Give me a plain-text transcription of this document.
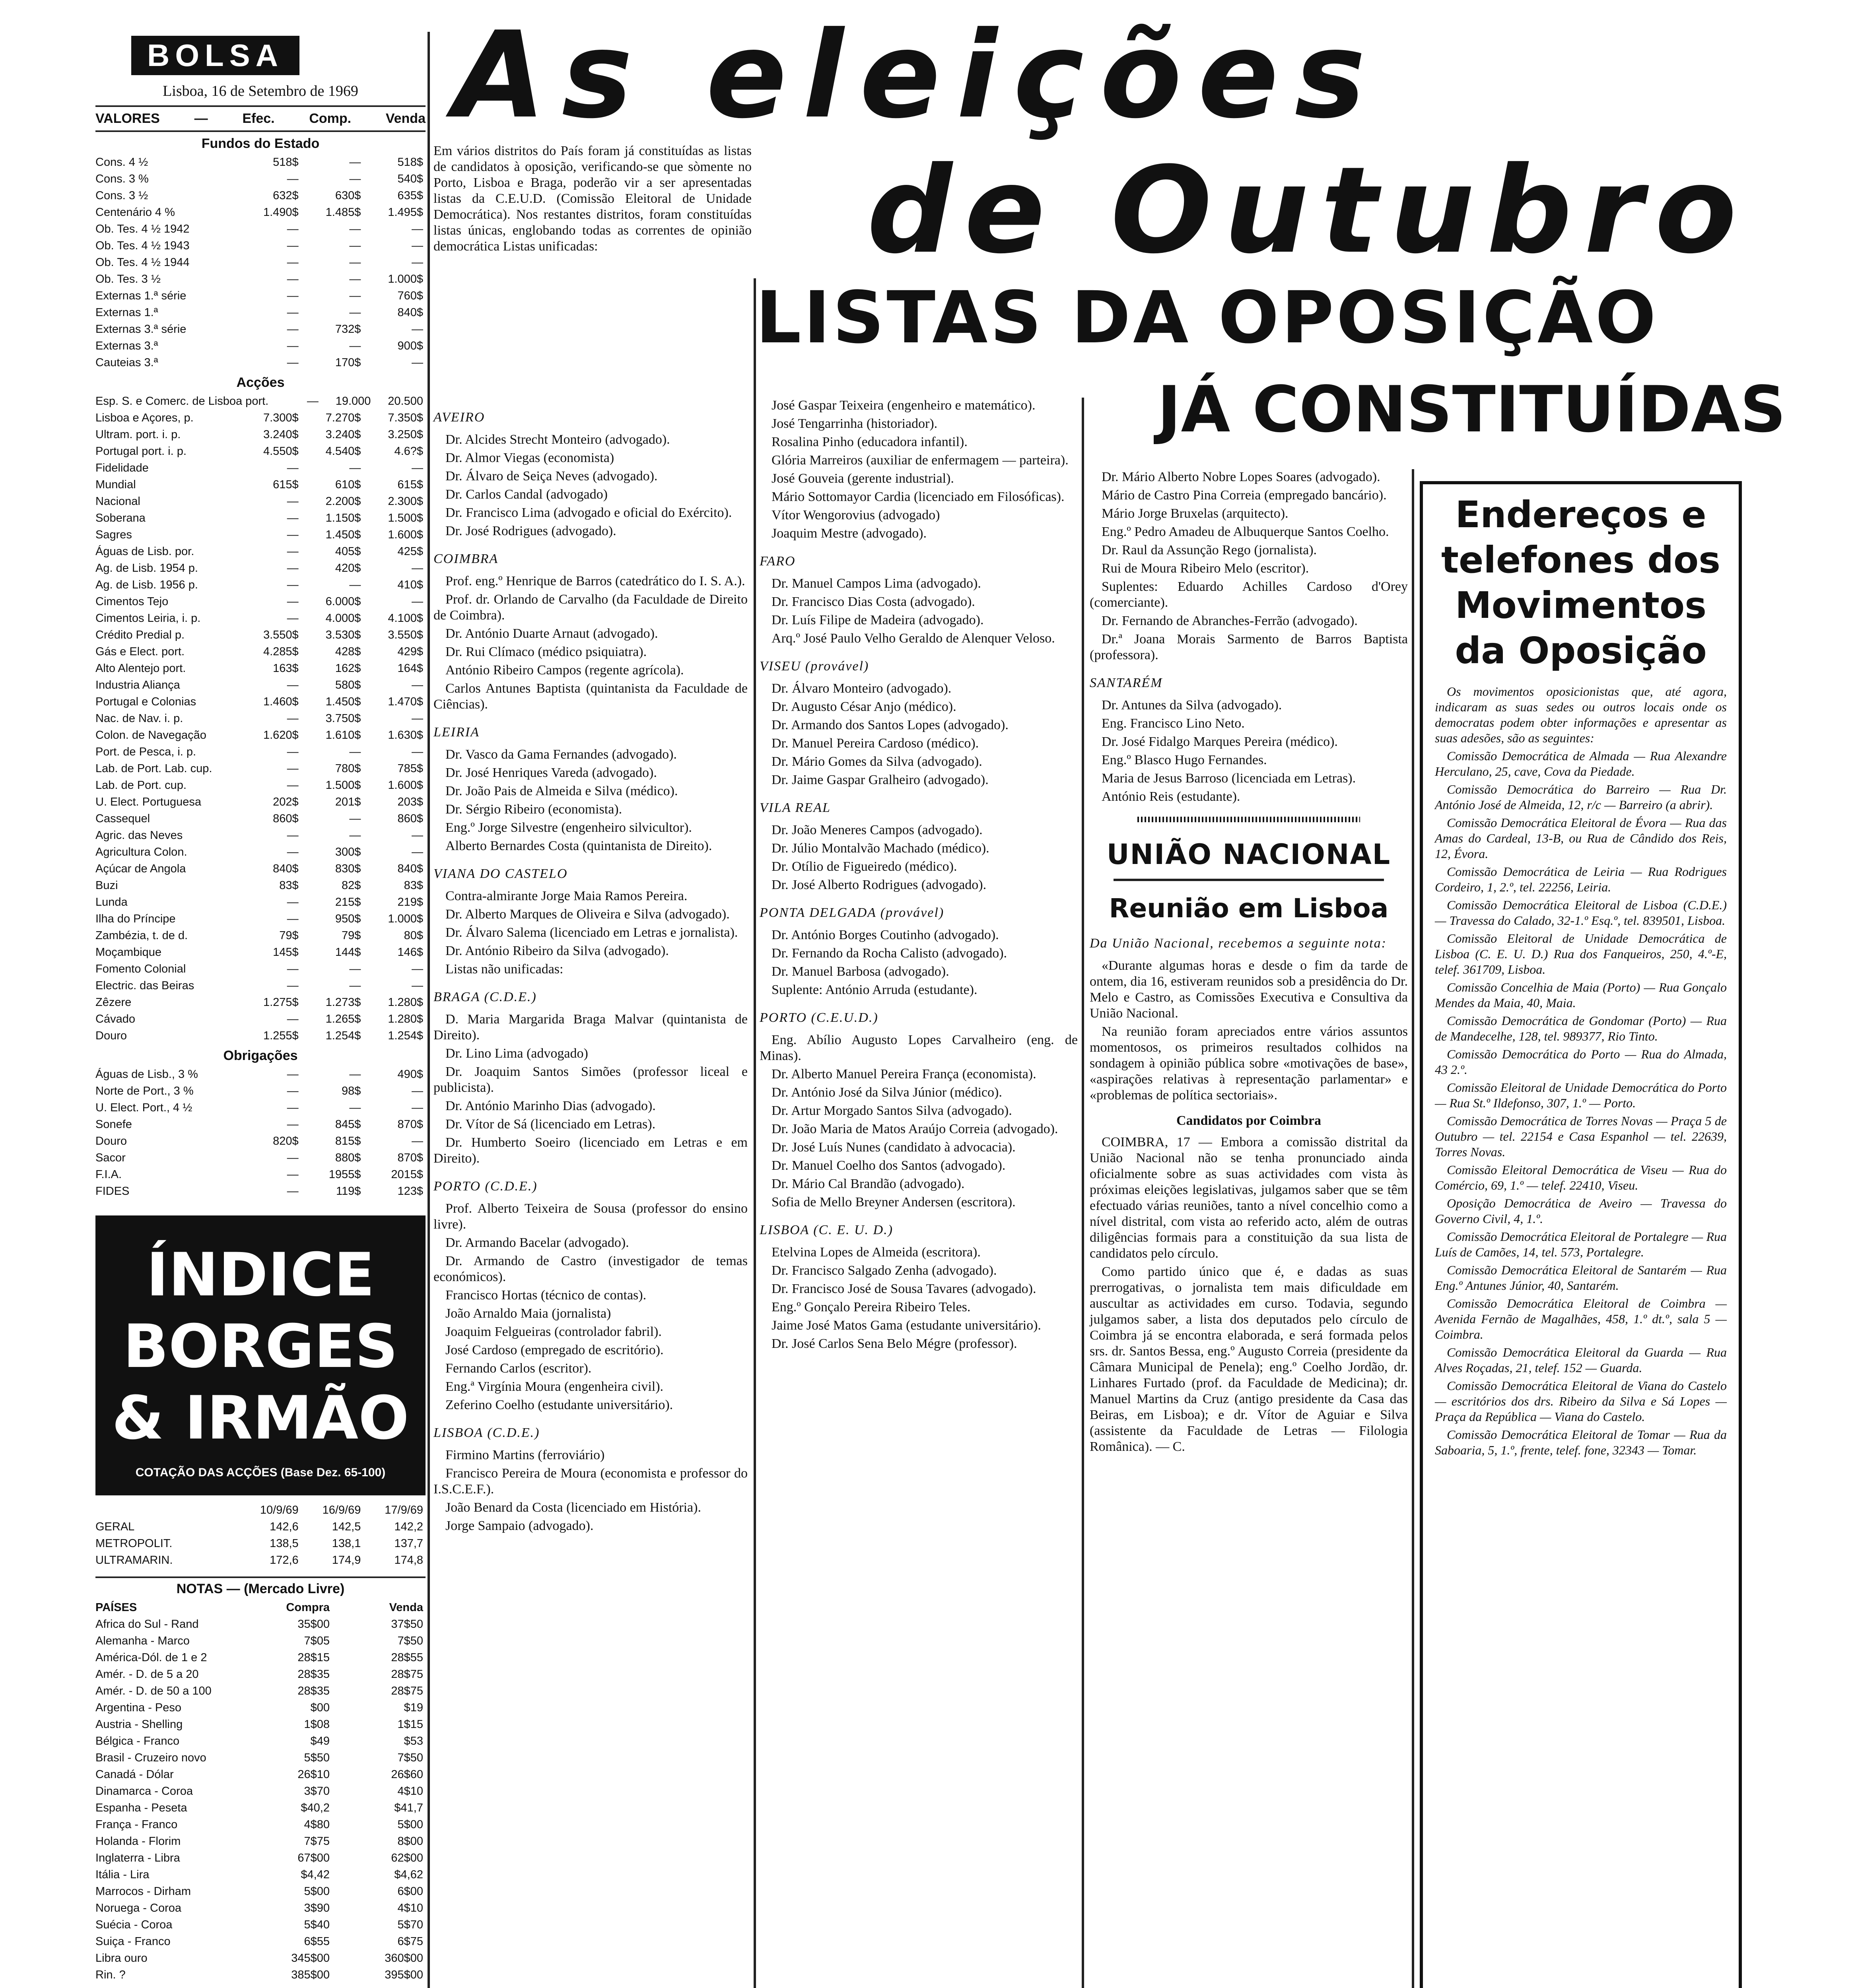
BOLSA
Lisboa, 16 de Setembro de 1969
VALORES	—	Efec.	Comp.	Venda
Fundos do Estado
Cons. 4 ½	518$	—	518$
Cons. 3 %	—	—	540$
Cons. 3 ½	632$	630$	635$
Centenário 4 %	1.490$	1.485$	1.495$
Ob. Tes. 4 ½ 1942	—	—	—
Ob. Tes. 4 ½ 1943	—	—	—
Ob. Tes. 4 ½ 1944	—	—	—
Ob. Tes. 3 ½	—	—	1.000$
Externas 1.ª série	—	—	760$
Externas 1.ª	—	—	840$
Externas 3.ª série	—	732$	—
Externas 3.ª	—	—	900$
Cauteias 3.ª	—	170$	—
Acções
Esp. S. e Comerc. de Lisboa port.	—	19.000	20.500
Lisboa e Açores, p.	7.300$	7.270$	7.350$
Ultram. port. i. p.	3.240$	3.240$	3.250$
Portugal port. i. p.	4.550$	4.540$	4.6?$
Fidelidade	—	—	—
Mundial	615$	610$	615$
Nacional	—	2.200$	2.300$
Soberana	—	1.150$	1.500$
Sagres	—	1.450$	1.600$
Águas de Lisb. por.	—	405$	425$
Ag. de Lisb. 1954 p.	—	420$	—
Ag. de Lisb. 1956 p.	—	—	410$
Cimentos Tejo	—	6.000$	—
Cimentos Leiria, i. p.	—	4.000$	4.100$
Crédito Predial p.	3.550$	3.530$	3.550$
Gás e Elect. port.	4.285$	428$	429$
Alto Alentejo port.	163$	162$	164$
Industria Aliança	—	580$	—
Portugal e Colonias	1.460$	1.450$	1.470$
Nac. de Nav. i. p.	—	3.750$	—
Colon. de Navegação	1.620$	1.610$	1.630$
Port. de Pesca, i. p.	—	—	—
Lab. de Port. Lab. cup.	—	780$	785$
Lab. de Port. cup.	—	1.500$	1.600$
U. Elect. Portuguesa	202$	201$	203$
Cassequel	860$	—	860$
Agric. das Neves	—	—	—
Agricultura Colon.	—	300$	—
Açúcar de Angola	840$	830$	840$
Buzi	83$	82$	83$
Lunda	—	215$	219$
Ilha do Príncipe	—	950$	1.000$
Zambézia, t. de d.	79$	79$	80$
Moçambique	145$	144$	146$
Fomento Colonial	—	—	—
Electric. das Beiras	—	—	—
Zêzere	1.275$	1.273$	1.280$
Cávado	—	1.265$	1.280$
Douro	1.255$	1.254$	1.254$
Obrigações
Águas de Lisb., 3 %	—	—	490$
Norte de Port., 3 %	—	98$	—
U. Elect. Port., 4 ½	—	—	—
Sonefe	—	845$	870$
Douro	820$	815$	—
Sacor	—	880$	870$
F.I.A.	—	1955$	2015$
FIDES	—	119$	123$
ÍNDICE
BORGES
& IRMÃO
COTAÇÃO DAS ACÇÕES (Base Dez. 65-100)
10/9/69	16/9/69	17/9/69
GERAL	142,6	142,5	142,2
METROPOLIT.	138,5	138,1	137,7
ULTRAMARIN.	172,6	174,9	174,8
NOTAS — (Mercado Livre)
PAÍSES	Compra	Venda
Africa do Sul - Rand	35$00	37$50
Alemanha - Marco	7$05	7$50
América-Dól. de 1 e 2	28$15	28$55
Amér. - D. de 5 a 20	28$35	28$75
Amér. - D. de 50 a 100	28$35	28$75
Argentina - Peso	$00	$19
Austria - Shelling	1$08	1$15
Bélgica - Franco	$49	$53
Brasil - Cruzeiro novo	5$50	7$50
Canadá - Dólar	26$10	26$60
Dinamarca - Coroa	3$70	4$10
Espanha - Peseta	$40,2	$41,7
França - Franco	4$80	5$00
Holanda - Florim	7$75	8$00
Inglaterra - Libra	67$00	62$00
Itália - Lira	$4,42	$4,62
Marrocos - Dirham	5$00	6$00
Noruega - Coroa	3$90	4$10
Suécia - Coroa	5$40	5$70
Suiça - Franco	6$55	6$75
Libra ouro	345$00	360$00
Rin. ?	385$00	395$00
As eleições
de Outubro
Em vários distritos do País foram já constituídas as listas de candidatos à oposição, verificando-se que sòmente no Porto, Lisboa e Braga, poderão vir a ser apresentadas listas da C.E.U.D. (Comissão Eleitoral de Unidade Democrática). Nos restantes distritos, foram constituídas listas únicas, englobando todas as correntes de opinião democrática Listas unificadas:
LISTAS DA OPOSIÇÃO
JÁ CONSTITUÍDAS

AVEIRO

Dr. Alcides Strecht Monteiro (advogado).

Dr. Almor Viegas (economista)

Dr. Álvaro de Seiça Neves (advogado).

Dr. Carlos Candal (advogado)

Dr. Francisco Lima (advogado e oficial do Exército).

Dr. José Rodrigues (advogado).

COIMBRA

Prof. eng.º Henrique de Barros (catedrático do I. S. A.).

Prof. dr. Orlando de Carvalho (da Faculdade de Direito de Coimbra).

Dr. António Duarte Arnaut (advogado).

Dr. Rui Clímaco (médico psiquiatra).

António Ribeiro Campos (regente agrícola).

Carlos Antunes Baptista (quintanista da Faculdade de Ciências).

LEIRIA

Dr. Vasco da Gama Fernandes (advogado).

Dr. José Henriques Vareda (advogado).

Dr. João Pais de Almeida e Silva (médico).

Dr. Sérgio Ribeiro (economista).

Eng.º Jorge Silvestre (engenheiro silvicultor).

Alberto Bernardes Costa (quintanista de Direito).

VIANA DO CASTELO

Contra-almirante Jorge Maia Ramos Pereira.

Dr. Alberto Marques de Oliveira e Silva (advogado).

Dr. Álvaro Salema (licenciado em Letras e jornalista).

Dr. António Ribeiro da Silva (advogado).

Listas não unificadas:

BRAGA (C.D.E.)

D. Maria Margarida Braga Malvar (quintanista de Direito).

Dr. Lino Lima (advogado)

Dr. Joaquim Santos Simões (professor liceal e publicista).

Dr. António Marinho Dias (advogado).

Dr. Vítor de Sá (licenciado em Letras).

Dr. Humberto Soeiro (licenciado em Letras e em Direito).

PORTO (C.D.E.)

Prof. Alberto Teixeira de Sousa (professor do ensino livre).

Dr. Armando Bacelar (advogado).

Dr. Armando de Castro (investigador de temas económicos).

Francisco Hortas (técnico de contas).

João Arnaldo Maia (jornalista)

Joaquim Felgueiras (controlador fabril).

José Cardoso (empregado de escritório).

Fernando Carlos (escritor).

Eng.ª Virgínia Moura (engenheira civil).

Zeferino Coelho (estudante universitário).

LISBOA (C.D.E.)

Firmino Martins (ferroviário)

Francisco Pereira de Moura (economista e professor do I.S.C.E.F.).

João Benard da Costa (licenciado em História).

Jorge Sampaio (advogado).

José Gaspar Teixeira (engenheiro e matemático).

José Tengarrinha (historiador).

Rosalina Pinho (educadora infantil).

Glória Marreiros (auxiliar de enfermagem — parteira).

José Gouveia (gerente industrial).

Mário Sottomayor Cardia (licenciado em Filosóficas).

Vítor Wengorovius (advogado)

Joaquim Mestre (advogado).

FARO

Dr. Manuel Campos Lima (advogado).

Dr. Francisco Dias Costa (advogado).

Dr. Luís Filipe de Madeira (advogado).

Arq.º José Paulo Velho Geraldo de Alenquer Veloso.

VISEU (provável)

Dr. Álvaro Monteiro (advogado).

Dr. Augusto César Anjo (médico).

Dr. Armando dos Santos Lopes (advogado).

Dr. Manuel Pereira Cardoso (médico).

Dr. Mário Gomes da Silva (advogado).

Dr. Jaime Gaspar Gralheiro (advogado).

VILA REAL

Dr. João Meneres Campos (advogado).

Dr. Júlio Montalvão Machado (médico).

Dr. Otílio de Figueiredo (médico).

Dr. José Alberto Rodrigues (advogado).

PONTA DELGADA (provável)

Dr. António Borges Coutinho (advogado).

Dr. Fernando da Rocha Calisto (advogado).

Dr. Manuel Barbosa (advogado).

Suplente: António Arruda (estudante).

PORTO (C.E.U.D.)

Eng. Abílio Augusto Lopes Carvalheiro (eng. de Minas).

Dr. Alberto Manuel Pereira França (economista).

Dr. António José da Silva Júnior (médico).

Dr. Artur Morgado Santos Silva (advogado).

Dr. João Maria de Matos Araújo Correia (advogado).

Dr. José Luís Nunes (candidato à advocacia).

Dr. Manuel Coelho dos Santos (advogado).

Dr. Mário Cal Brandão (advogado).

Sofia de Mello Breyner Andersen (escritora).

LISBOA (C. E. U. D.)

Etelvina Lopes de Almeida (escritora).

Dr. Francisco Salgado Zenha (advogado).

Dr. Francisco José de Sousa Tavares (advogado).

Eng.º Gonçalo Pereira Ribeiro Teles.

Jaime José Matos Gama (estudante universitário).

Dr. José Carlos Sena Belo Mégre (professor).

Dr. Mário Alberto Nobre Lopes Soares (advogado).

Mário de Castro Pina Correia (empregado bancário).

Mário Jorge Bruxelas (arquitecto).

Eng.º Pedro Amadeu de Albuquerque Santos Coelho.

Dr. Raul da Assunção Rego (jornalista).

Rui de Moura Ribeiro Melo (escritor).

Suplentes: Eduardo Achilles Cardoso d'Orey (comerciante).

Dr. Fernando de Abranches-Ferrão (advogado).

Dr.ª Joana Morais Sarmento de Barros Baptista (professora).

SANTARÉM

Dr. Antunes da Silva (advogado).

Eng. Francisco Lino Neto.

Dr. José Fidalgo Marques Pereira (médico).

Eng.º Blasco Hugo Fernandes.

Maria de Jesus Barroso (licenciada em Letras).

António Reis (estudante).

UNIÃO NACIONAL
Reunião em Lisboa

Da União Nacional, recebemos a seguinte nota:

«Durante algumas horas e desde o fim da tarde de ontem, dia 16, estiveram reunidos sob a presidência do Dr. Melo e Castro, as Comissões Executiva e Consultiva da União Nacional.

Na reunião foram apreciados entre vários assuntos momentosos, os primeiros resultados colhidos na sondagem à opinião pública sobre «motivações de base», «aspirações relativas à representação parlamentar» e «problemas de política sectoriais».

Candidatos por Coimbra

COIMBRA, 17 — Embora a comissão distrital da União Nacional não se tenha pronunciado ainda oficialmente sobre as suas actividades com vista às próximas eleições legislativas, julgamos saber que se têm efectuado várias reuniões, tanto a nível concelhio como a nível distrital, com vista ao referido acto, além de outras diligências formais para a constituição da sua lista de candidatos pelo círculo.

Como partido único que é, e dadas as suas prerrogativas, o jornalista tem mais dificuldade em auscultar as actividades em curso. Todavia, segundo julgamos saber, a lista dos deputados pelo círculo de Coimbra já se encontra elaborada, e será formada pelos srs. dr. Santos Bessa, eng.º Augusto Correia (presidente da Câmara Municipal de Penela); eng.º Coelho Jordão, dr. Linhares Furtado (prof. da Faculdade de Medicina); dr. Manuel Martins da Cruz (antigo presidente da Casa das Beiras, em Lisboa); e dr. Vítor de Aguiar e Silva (assistente da Faculdade de Letras — Filologia Românica). — C.

Endereços e telefones dos Movimentos da Oposição

Os movimentos oposicionistas que, até agora, indicaram as suas sedes ou outros locais onde os democratas podem obter informações e apresentar as suas adesões, são as seguintes:

Comissão Democrática de Almada — Rua Alexandre Herculano, 25, cave, Cova da Piedade.

Comissão Democrática do Barreiro — Rua Dr. António José de Almeida, 12, r/c — Barreiro (a abrir).

Comissão Democrática Eleitoral de Évora — Rua das Amas do Cardeal, 13-B, ou Rua de Cândido dos Reis, 12, Évora.

Comissão Democrática de Leiria — Rua Rodrigues Cordeiro, 1, 2.º, tel. 22256, Leiria.

Comissão Democrática Eleitoral de Lisboa (C.D.E.) — Travessa do Calado, 32-1.º Esq.º, tel. 839501, Lisboa.

Comissão Eleitoral de Unidade Democrática de Lisboa (C. E. U. D.) Rua dos Fanqueiros, 250, 4.º-E, telef. 361709, Lisboa.

Comissão Concelhia de Maia (Porto) — Rua Gonçalo Mendes da Maia, 40, Maia.

Comissão Democrática de Gondomar (Porto) — Rua de Mandecelhe, 128, tel. 989377, Rio Tinto.

Comissão Democrática do Porto — Rua do Almada, 43 2.º.

Comissão Eleitoral de Unidade Democrática do Porto — Rua St.º Ildefonso, 307, 1.º — Porto.

Comissão Democrática de Torres Novas — Praça 5 de Outubro — tel. 22154 e Casa Espanhol — tel. 22639, Torres Novas.

Comissão Eleitoral Democrática de Viseu — Rua do Comércio, 69, 1.º — telef. 22410, Viseu.

Oposição Democrática de Aveiro — Travessa do Governo Civil, 4, 1.º.

Comissão Democrática Eleitoral de Portalegre — Rua Luís de Camões, 14, tel. 573, Portalegre.

Comissão Democrática Eleitoral de Santarém — Rua Eng.º Antunes Júnior, 40, Santarém.

Comissão Democrática Eleitoral de Coimbra — Avenida Fernão de Magalhães, 458, 1.º dt.º, sala 5 — Coimbra.

Comissão Democrática Eleitoral da Guarda — Rua Alves Roçadas, 21, telef. 152 — Guarda.

Comissão Democrática Eleitoral de Viana do Castelo — escritórios dos drs. Ribeiro da Silva e Sá Lopes — Praça da República — Viana do Castelo.

Comissão Democrática Eleitoral de Tomar — Rua da Saboaria, 5, 1.º, frente, telef. fone, 32343 — Tomar.
